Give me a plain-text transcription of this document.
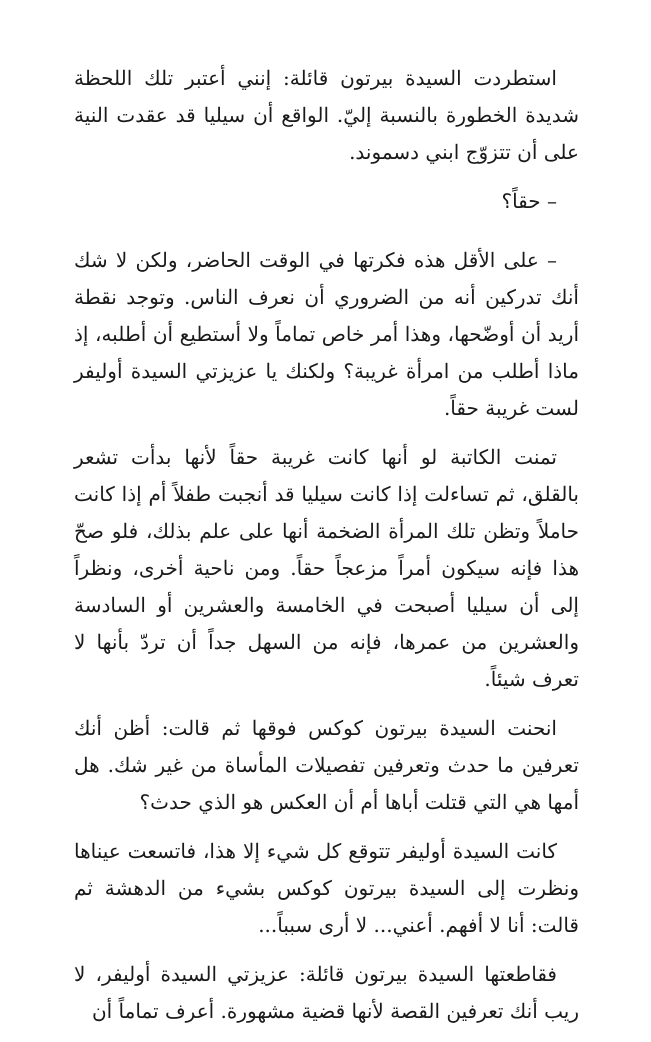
استطردت السيدة بيرتون قائلة: إنني أعتبر تلك اللحظة شديدة الخطورة بالنسبة إليّ. الواقع أن سيليا قد عقدت النية على أن تتزوّج ابني دسموند.

– حقاً؟

– على الأقل هذه فكرتها في الوقت الحاضر، ولكن لا شك أنك تدركين أنه من الضروري أن نعرف الناس. وتوجد نقطة أريد أن أوضّحها، وهذا أمر خاص تماماً ولا أستطيع أن أطلبه، إذ ماذا أطلب من امرأة غريبة؟ ولكنك يا عزيزتي السيدة أوليفر لست غريبة حقاً.

تمنت الكاتبة لو أنها كانت غريبة حقاً لأنها بدأت تشعر بالقلق، ثم تساءلت إذا كانت سيليا قد أنجبت طفلاً أم إذا كانت حاملاً وتظن تلك المرأة الضخمة أنها على علم بذلك، فلو صحّ هذا فإنه سيكون أمراً مزعجاً حقاً. ومن ناحية أخرى، ونظراً إلى أن سيليا أصبحت في الخامسة والعشرين أو السادسة والعشرين من عمرها، فإنه من السهل جداً أن تردّ بأنها لا تعرف شيئاً.

انحنت السيدة بيرتون كوكس فوقها ثم قالت: أظن أنك تعرفين ما حدث وتعرفين تفصيلات المأساة من غير شك. هل أمها هي التي قتلت أباها أم أن العكس هو الذي حدث؟

كانت السيدة أوليفر تتوقع كل شيء إلا هذا، فاتسعت عيناها ونظرت إلى السيدة بيرتون كوكس بشيء من الدهشة ثم قالت: أنا لا أفهم. أعني... لا أرى سبباً...

فقاطعتها السيدة بيرتون قائلة: عزيزتي السيدة أوليفر، لا ريب أنك تعرفين القصة لأنها قضية مشهورة. أعرف تماماً أن
